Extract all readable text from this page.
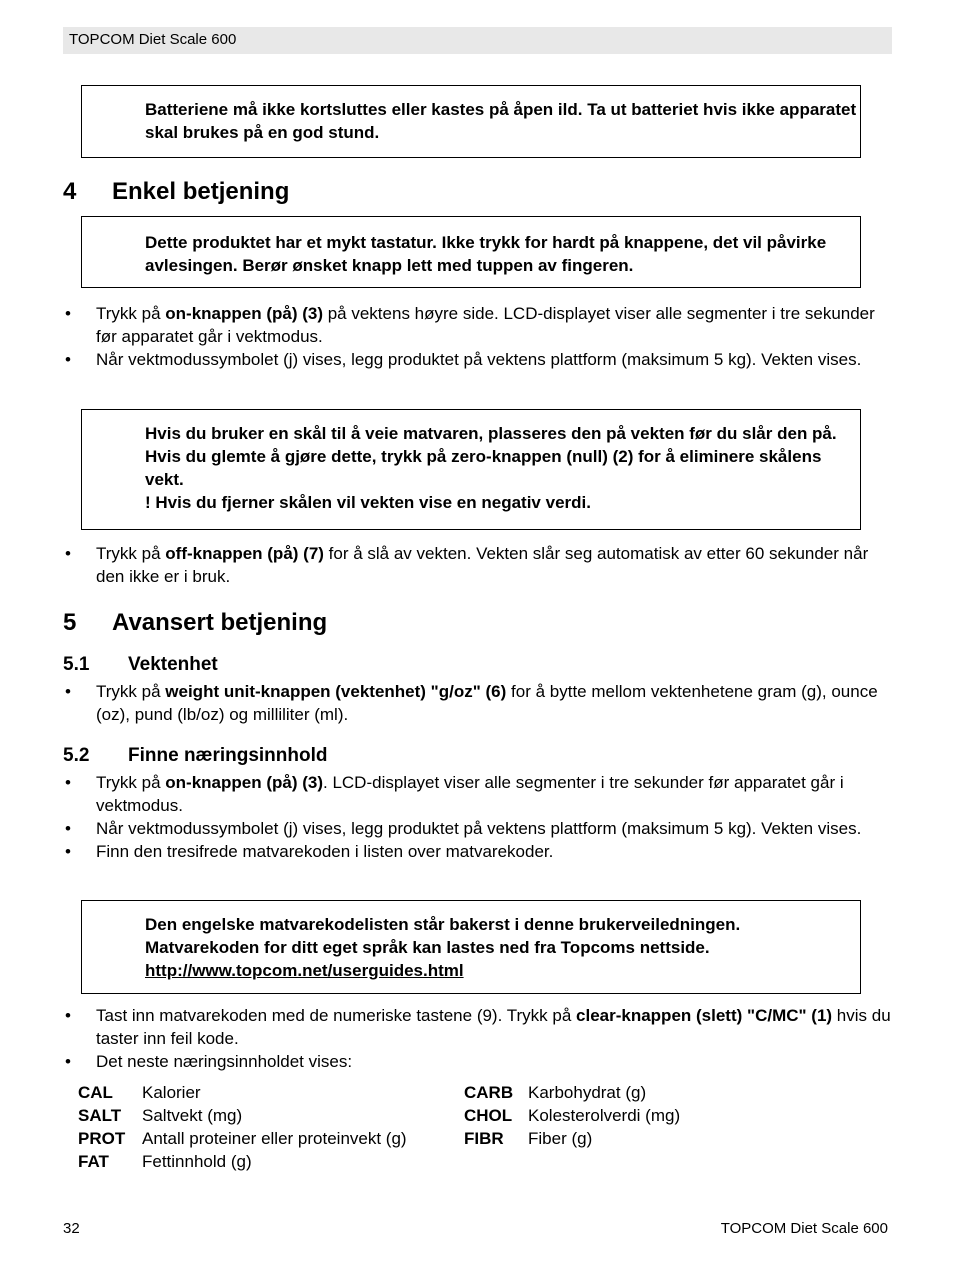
TOPCOM Diet Scale 600
Batteriene må ikke kortsluttes eller kastes på åpen ild. Ta ut batteriet hvis ikke apparatet skal brukes på en god stund.
4 Enkel betjening
Dette produktet har et mykt tastatur. Ikke trykk for hardt på knappene, det vil påvirke avlesingen. Berør ønsket knapp lett med tuppen av fingeren.
• Trykk på on-knappen (på) (3) på vektens høyre side. LCD-displayet viser alle segmenter i tre sekunder før apparatet går i vektmodus.
• Når vektmodussymbolet (j) vises, legg produktet på vektens plattform (maksimum 5 kg). Vekten vises.
Hvis du bruker en skål til å veie matvaren, plasseres den på vekten før du slår den på. Hvis du glemte å gjøre dette, trykk på zero-knappen (null) (2) for å eliminere skålens vekt.
! Hvis du fjerner skålen vil vekten vise en negativ verdi.
• Trykk på off-knappen (på) (7) for å slå av vekten. Vekten slår seg automatisk av etter 60 sekunder når den ikke er i bruk.
5 Avansert betjening
5.1 Vektenhet
• Trykk på weight unit-knappen (vektenhet) "g/oz" (6) for å bytte mellom vektenhetene gram (g), ounce (oz), pund (lb/oz) og milliliter (ml).
5.2 Finne næringsinnhold
• Trykk på on-knappen (på) (3). LCD-displayet viser alle segmenter i tre sekunder før apparatet går i vektmodus.
• Når vektmodussymbolet (j) vises, legg produktet på vektens plattform (maksimum 5 kg). Vekten vises.
• Finn den tresifrede matvarekoden i listen over matvarekoder.
Den engelske matvarekodelisten står bakerst i denne brukerveiledningen.
Matvarekoden for ditt eget språk kan lastes ned fra Topcoms nettside.
http://www.topcom.net/userguides.html
• Tast inn matvarekoden med de numeriske tastene (9). Trykk på clear-knappen (slett) "C/MC" (1) hvis du taster inn feil kode.
• Det neste næringsinnholdet vises:
CAL	Kalorier	CARB	Karbohydrat (g)
SALT	Saltvekt (mg)	CHOL	Kolesterolverdi (mg)
PROT	Antall proteiner eller proteinvekt (g)	FIBR	Fiber (g)
FAT	Fettinnhold (g)		
32	TOPCOM Diet Scale 600
